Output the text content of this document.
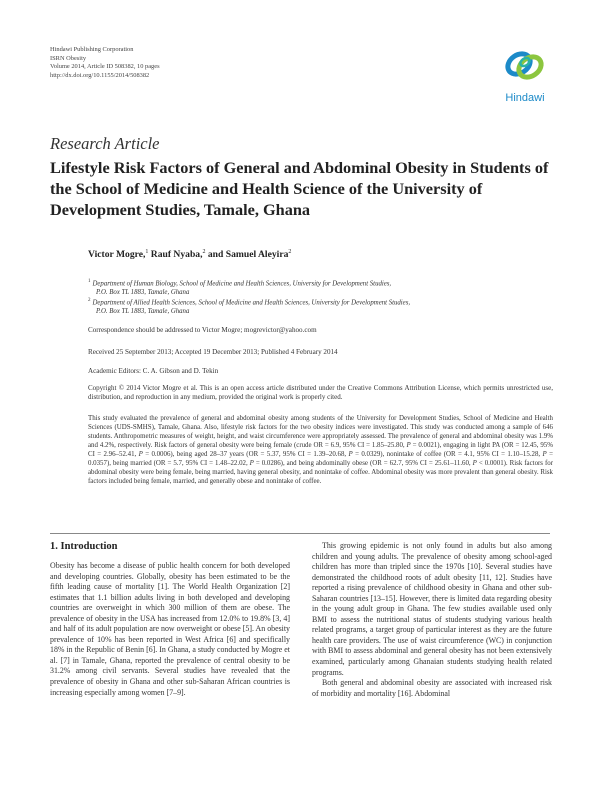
Hindawi Publishing Corporation
ISRN Obesity
Volume 2014, Article ID 508382, 10 pages
http://dx.doi.org/10.1155/2014/508382
Hindawi
Research Article
Lifestyle Risk Factors of General and Abdominal Obesity in Students of the School of Medicine and Health Science of the University of Development Studies, Tamale, Ghana
Victor Mogre,$^1$ Rauf Nyaba,$^2$ and Samuel Aleyira$^2$
$^1$ Department of Human Biology, School of Medicine and Health Sciences, University for Development Studies,
P.O. Box TL 1883, Tamale, Ghana
$^2$ Department of Allied Health Sciences, School of Medicine and Health Sciences, University for Development Studies,
P.O. Box TL 1883, Tamale, Ghana
Correspondence should be addressed to Victor Mogre; mogrevictor@yahoo.com
Received 25 September 2013; Accepted 19 December 2013; Published 4 February 2014
Academic Editors: C. A. Gibson and D. Tekin
Copyright © 2014 Victor Mogre et al. This is an open access article distributed under the Creative Commons Attribution License, which permits unrestricted use, distribution, and reproduction in any medium, provided the original work is properly cited.
This study evaluated the prevalence of general and abdominal obesity among students of the University for Development Studies, School of Medicine and Health Sciences (UDS-SMHS), Tamale, Ghana. Also, lifestyle risk factors for the two obesity indices were investigated. This study was conducted among a sample of 646 students. Anthropometric measures of weight, height, and waist circumference were appropriately assessed. The prevalence of general and abdominal obesity was 1.9% and 4.2%, respectively. Risk factors of general obesity were being female (crude OR = 6.9, 95% CI = 1.85–25.80, P = 0.0021), engaging in light PA (OR = 12.45, 95% CI = 2.96–52.41, P = 0.0006), being aged 28–37 years (OR = 5.37, 95% CI = 1.39–20.68, P = 0.0329), nonintake of coffee (OR = 4.1, 95% CI = 1.10–15.28, P = 0.0357), being married (OR = 5.7, 95% CI = 1.48–22.02, P = 0.0286), and being abdominally obese (OR = 62.7, 95% CI = 25.61–11.60, P < 0.0001). Risk factors for abdominal obesity were being female, being married, having general obesity, and nonintake of coffee. Abdominal obesity was more prevalent than general obesity. Risk factors included being female, married, and generally obese and nonintake of coffee.
1. Introduction

Obesity has become a disease of public health concern for both developed and developing countries. Globally, obesity has been estimated to be the fifth leading cause of mortality [1]. The World Health Organization [2] estimates that 1.1 billion adults living in both developed and developing countries are overweight in which 300 million of them are obese. The prevalence of obesity in the USA has increased from 12.0% to 19.8% [3, 4] and half of its adult population are now overweight or obese [5]. An obesity prevalence of 10% has been reported in West Africa [6] and specifically 18% in the Republic of Benin [6]. In Ghana, a study conducted by Mogre et al. [7] in Tamale, Ghana, reported the prevalence of central obesity to be 31.2% among civil servants. Several studies have revealed that the prevalence of obesity in Ghana and other sub-Saharan African countries is increasing especially among women [7–9].

This growing epidemic is not only found in adults but also among children and young adults. The prevalence of obesity among school-aged children has more than tripled since the 1970s [10]. Several studies have demonstrated the childhood roots of adult obesity [11, 12]. Studies have reported a rising prevalence of childhood obesity in Ghana and other sub-Saharan countries [13–15]. However, there is limited data regarding obesity in the young adult group in Ghana. The few studies available used only BMI to assess the nutritional status of students studying various health related programs, a target group of particular interest as they are the future health care providers. The use of waist circumference (WC) in conjunction with BMI to assess abdominal and general obesity has not been extensively examined, particularly among Ghanaian students studying health related programs.

Both general and abdominal obesity are associated with increased risk of morbidity and mortality [16]. Abdominal
